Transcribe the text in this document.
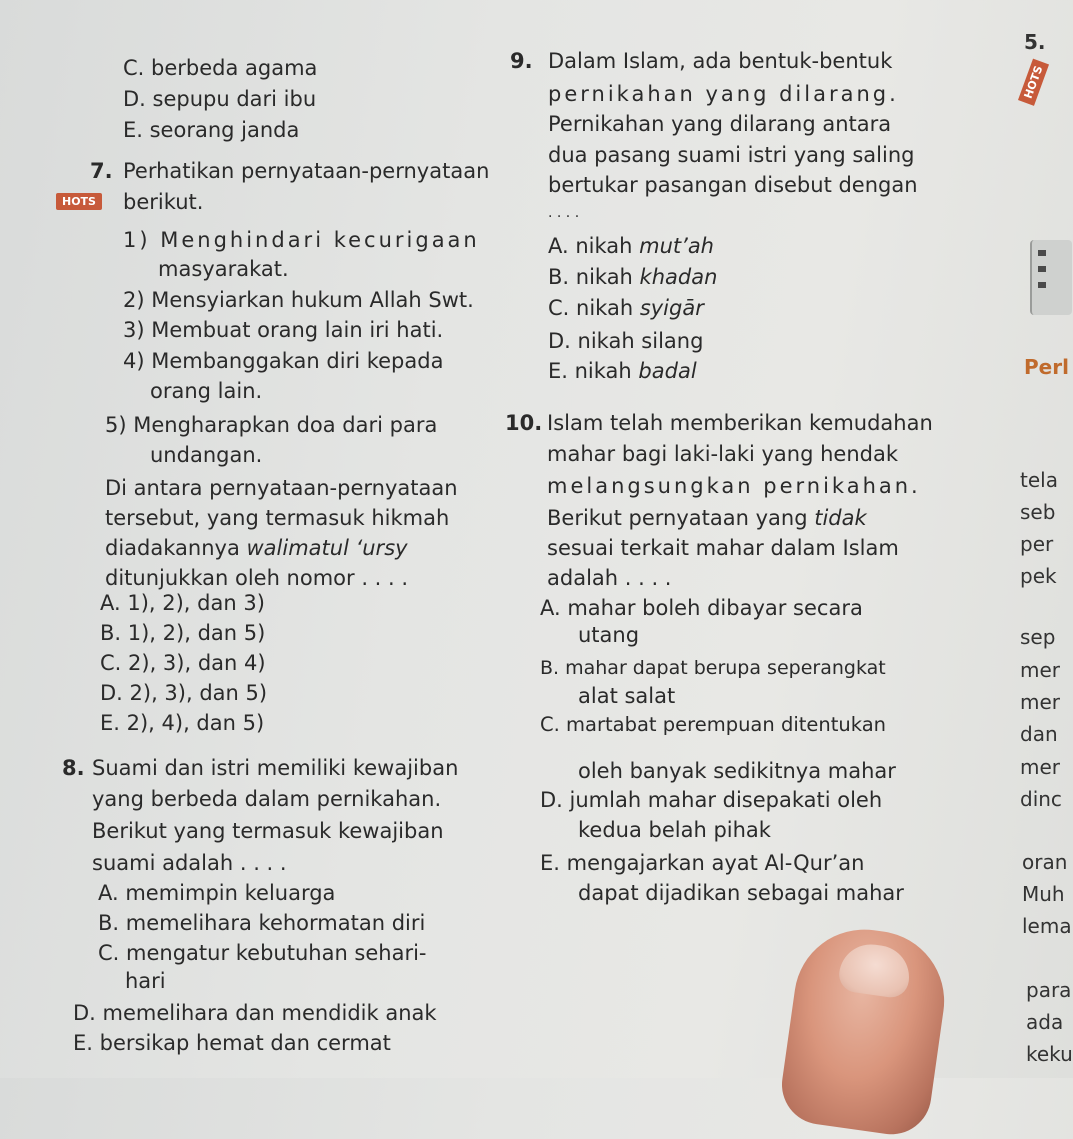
C. berbeda agama
D. sepupu dari ibu
E. seorang janda
7. Perhatikan pernyataan-pernyataan
HOTS berikut.
1) Menghindari kecurigaan
masyarakat.
2) Mensyiarkan hukum Allah Swt.
3) Membuat orang lain iri hati.
4) Membanggakan diri kepada
orang lain.
5) Mengharapkan doa dari para
undangan.
Di antara pernyataan-pernyataan
tersebut, yang termasuk hikmah
diadakannya walimatul ‘ursy
ditunjukkan oleh nomor . . . .
A. 1), 2), dan 3)
B. 1), 2), dan 5)
C. 2), 3), dan 4)
D. 2), 3), dan 5)
E. 2), 4), dan 5)
8. Suami dan istri memiliki kewajiban
yang berbeda dalam pernikahan.
Berikut yang termasuk kewajiban
suami adalah . . . .
A. memimpin keluarga
B. memelihara kehormatan diri
C. mengatur kebutuhan sehari-
hari
D. memelihara dan mendidik anak
E. bersikap hemat dan cermat
9. Dalam Islam, ada bentuk-bentuk
pernikahan yang dilarang.
Pernikahan yang dilarang antara
dua pasang suami istri yang saling
bertukar pasangan disebut dengan
. . . .
A. nikah mut’ah
B. nikah khadan
C. nikah syigār
D. nikah silang
E. nikah badal
10. Islam telah memberikan kemudahan
mahar bagi laki-laki yang hendak
melangsungkan pernikahan.
Berikut pernyataan yang tidak
sesuai terkait mahar dalam Islam
adalah . . . .
A. mahar boleh dibayar secara
utang
B. mahar dapat berupa seperangkat
alat salat
C. martabat perempuan ditentukan
oleh banyak sedikitnya mahar
D. jumlah mahar disepakati oleh
kedua belah pihak
E. mengajarkan ayat Al-Qur’an
dapat dijadikan sebagai mahar
5.
HOTS
Perl
tela
seb
per
pek
sep
mer
mer
dan
mer
dinc
oran
Muh
lema
para
ada
keku
